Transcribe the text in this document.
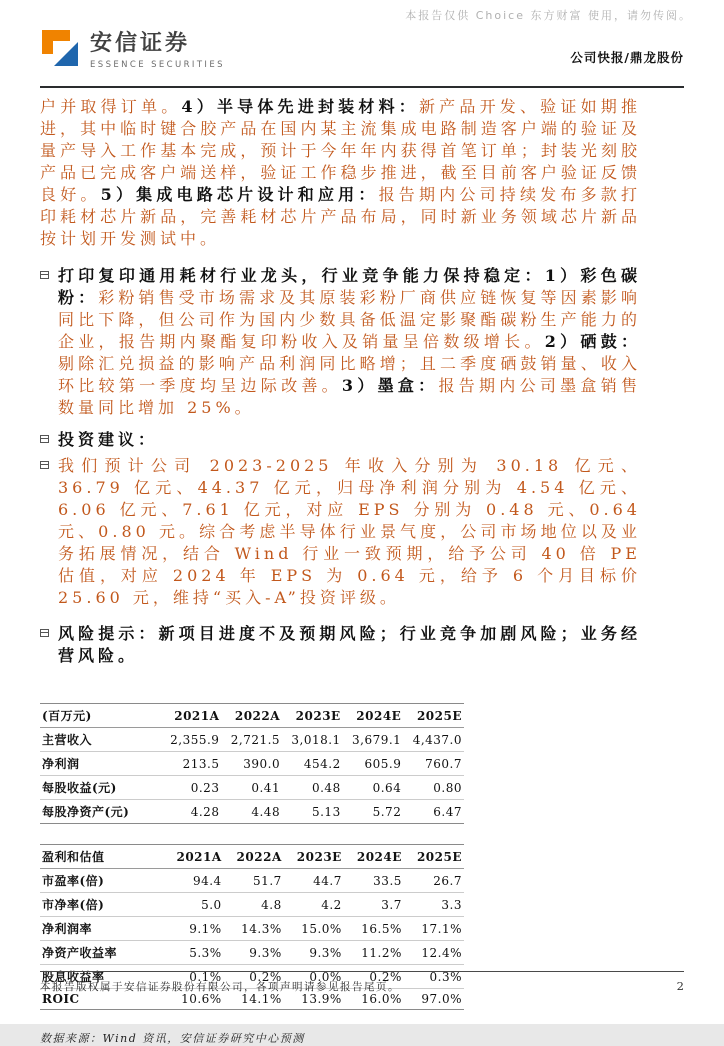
本报告仅供 Choice 东方财富 使用，请勿传阅。
安信证券
ESSENCE SECURITIES	公司快报/鼎龙股份

户并取得订单。4）半导体先进封装材料：新产品开发、验证如期推进，其中临时键合胶产品在国内某主流集成电路制造客户端的验证及量产导入工作基本完成，预计于今年年内获得首笔订单；封装光刻胶产品已完成客户端送样，验证工作稳步推进，截至目前客户验证反馈良好。5）集成电路芯片设计和应用：报告期内公司持续发布多款打印耗材芯片新品，完善耗材芯片产品布局，同时新业务领域芯片新品按计划开发测试中。

打印复印通用耗材行业龙头，行业竞争能力保持稳定：1）彩色碳粉：彩粉销售受市场需求及其原装彩粉厂商供应链恢复等因素影响同比下降，但公司作为国内少数具备低温定影聚酯碳粉生产能力的企业，报告期内聚酯复印粉收入及销量呈倍数级增长。2）硒鼓：剔除汇兑损益的影响产品利润同比略增；且二季度硒鼓销量、收入环比较第一季度均呈边际改善。3）墨盒：报告期内公司墨盒销售数量同比增加 25%。

投资建议：

我们预计公司 2023-2025 年收入分别为 30.18 亿元、36.79 亿元、44.37 亿元，归母净利润分别为 4.54 亿元、6.06 亿元、7.61 亿元，对应 EPS 分别为 0.48 元、0.64 元、0.80 元。综合考虑半导体行业景气度，公司市场地位以及业务拓展情况，结合 Wind 行业一致预期，给予公司 40 倍 PE 估值，对应 2024 年 EPS 为 0.64 元，给予 6 个月目标价 25.60 元，维持“买入-A”投资评级。

风险提示：新项目进度不及预期风险；行业竞争加剧风险；业务经营风险。

(百万元)	2021A	2022A	2023E	2024E	2025E
主营收入	2,355.9	2,721.5	3,018.1	3,679.1	4,437.0
净利润	213.5	390.0	454.2	605.9	760.7
每股收益(元)	0.23	0.41	0.48	0.64	0.80
每股净资产(元)	4.28	4.48	5.13	5.72	6.47
盈利和估值	2021A	2022A	2023E	2024E	2025E
市盈率(倍)	94.4	51.7	44.7	33.5	26.7
市净率(倍)	5.0	4.8	4.2	3.7	3.3
净利润率	9.1%	14.3%	15.0%	16.5%	17.1%
净资产收益率	5.3%	9.3%	9.3%	11.2%	12.4%
股息收益率	0.1%	0.2%	0.0%	0.2%	0.3%
ROIC	10.6%	14.1%	13.9%	16.0%	97.0%
数据来源：Wind 资讯，安信证券研究中心预测
本报告版权属于安信证券股份有限公司，各项声明请参见报告尾页。	2
